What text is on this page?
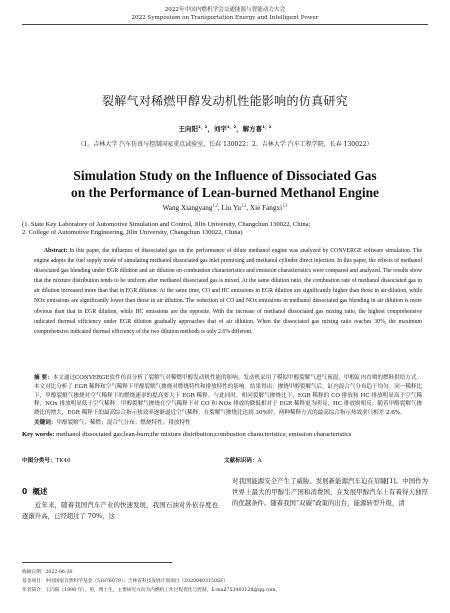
2022年中国内燃机学会交通能源与智能动力大会
2022 Symposium on Transportation Energy and Intelligent Power
裂解气对稀燃甲醇发动机性能影响的仿真研究
王向阳$^{1,2}$，刘宇$^{1,2}$，解方喜$^{1,2}$
（1．吉林大学 汽车仿真与控制国家重点试验室，长春 130022；2．吉林大学 汽车工程学院，长春 130022）
Simulation Study on the Influence of Dissociated Gas
on the Performance of Lean-burned Methanol Engine
Wang Xiangyang$^{1,2}$, Liu Yu$^{1,2}$, Xie Fangxi$^{1,2}$
(1. State Key Laboratory of Automotive Simulation and Control, Jilin University, Changchun 130022, China;
2. College of Automotive Engineering, Jilin University, Changchun 130022, China)
Abstract: In this paper, the influence of dissociated gas on the performance of dilute methanol engine was analyzed by CONVERGE software simulation. The engine adopts the fuel supply mode of simulating methanol dissociated gas inlet premixing and methanol cylinder direct injection. In this paper, the effects of methanol dissociated gas blending under EGR dilution and air dilution on combustion characteristics and emission characteristics were compared and analyzed. The results show that the mixture distribution tends to be uniform after methanol dissociated gas is mixed. At the same dilution ratio, the combustion rate of methanol dissociated gas in air dilution increased more than that in EGR dilution. At the same time, CO and HC emissions in EGR dilution are significantly higher than those in air dilution, while NOx emissions are significantly lower than those in air dilution. The reduction of CO and NOx emissions in methanol dissociated gas blending in air dilution is more obvious than that in EGR dilution, while HC emissions are the opposite. With the increase of methanol dissociated gas mixing ratio, the highest comprehensive indicated thermal efficiency under EGR dilution gradually approaches that of air dilution. When the dissociated gas mixing ratio reaches 30%, the maximum comprehensive indicated thermal efficiency of the two dilution methods is only 2.6% different.
摘 要：本文通过CONVERGE软件仿真分析了裂解气对稀燃甲醇发动机性能的影响。发动机采用了模拟甲醇裂解气进气预混，甲醇缸内直喷的燃料供给方式。本文对比分析了 EGR 稀释和空气稀释下甲醇裂解气掺烧对燃烧特性和排放特性的影响。结果得出：掺烧甲醇裂解气后，缸内混合气分布趋于均匀。同一稀释比下，甲醇裂解气掺烧对空气稀释下的燃烧速率的提高要大于 EGR 稀释。与此同时，相同裂解气掺烧比下，EGR 稀释的 CO 排放和 HC 排放明显高于空气稀释，NOx 排放明显低于空气稀释。甲醇裂解气掺烧在空气稀释下对 CO 和 NOx 排放的降低相对于 EGR 稀释更为明显，HC 排放则相反。随着甲醇裂解气掺烧比的增大，EGR 稀释下的最高综合指示热效率逐渐逼近空气稀释，在裂解气掺烧比达到 30%时，两种稀释方式的最高综合指示热效率只相差 2.6%。
关键词：甲醇裂解气；稀燃；混合气分布；燃烧特性；排放特性
Key words: methanol dissociated gas;lean-burn;the mixture distribution;combustion characteristics; emission characteristics
中图分类号：TK46	文献标识码：A
0 概述

近年来，随着我国汽车产业的快速发展，我国石油对外依存度也逐渐升高，已经超过了 70%，这

对我国能源安全产生了威胁。发展新能源汽车迫在眉睫[1]。中国作为世界上最大的甲醇生产国和消费国，在发展甲醇汽车上有着得天独厚的优越条件。随着我国“双碳”政策的出台，能源转型升级，清

收稿日期：2022-06-30
基金项目：中国国家自然科学基金（51876079）；吉林省科技发展计划项目（20200403150SF）
作者简介：王向阳（1998 年），男，博士生，主要研究方向为内燃机工作过程优化与控制，E-mail753403128@qq.com。
